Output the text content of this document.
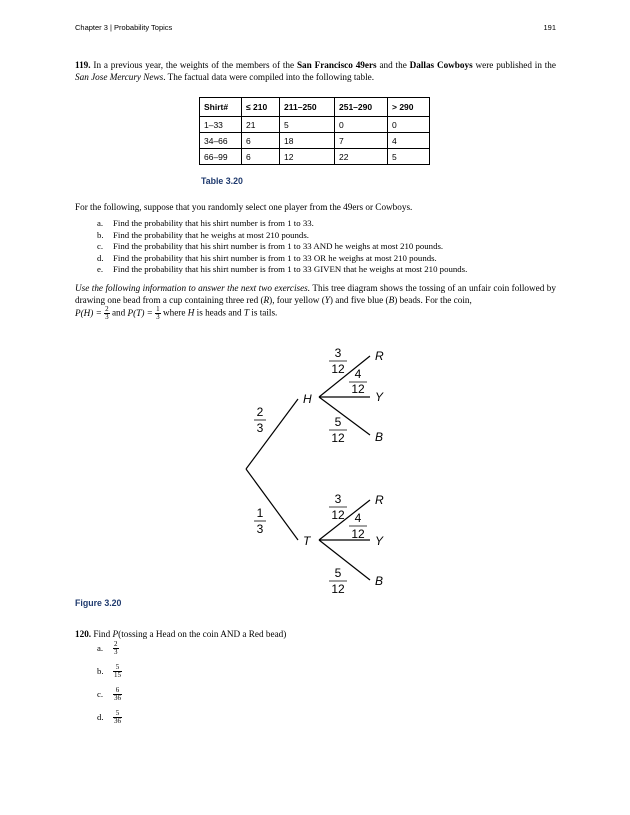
Chapter 3 | Probability Topics	191
119. In a previous year, the weights of the members of the San Francisco 49ers and the Dallas Cowboys were published in the San Jose Mercury News. The factual data were compiled into the following table.
Shirt#	≤ 210	211–250	251–290	> 290
1–33	21	5	0	0
34–66	6	18	7	4
66–99	6	12	22	5
Table 3.20
For the following, suppose that you randomly select one player from the 49ers or Cowboys.
a. Find the probability that his shirt number is from 1 to 33.
b. Find the probability that he weighs at most 210 pounds.
c. Find the probability that his shirt number is from 1 to 33 AND he weighs at most 210 pounds.
d. Find the probability that his shirt number is from 1 to 33 OR he weighs at most 210 pounds.
e. Find the probability that his shirt number is from 1 to 33 GIVEN that he weighs at most 210 pounds.
Use the following information to answer the next two exercises. This tree diagram shows the tossing of an unfair coin followed by drawing one bead from a cup containing three red (R), four yellow (Y) and five blue (B) beads. For the coin,
$P(H) = \frac{2}{3}$ and $P(T) = \frac{1}{3}$ where H is heads and T is tails.
2
3
1
3
H
T
3
12 4
12
5
12
R
Y
B
3
12 4
12
5
12
R
Y
B
Figure 3.20
120. Find P(tossing a Head on the coin AND a Red bead)
a. $\frac{2}{3}$
b. $\frac{5}{15}$
c. $\frac{6}{36}$
d. $\frac{5}{36}$
